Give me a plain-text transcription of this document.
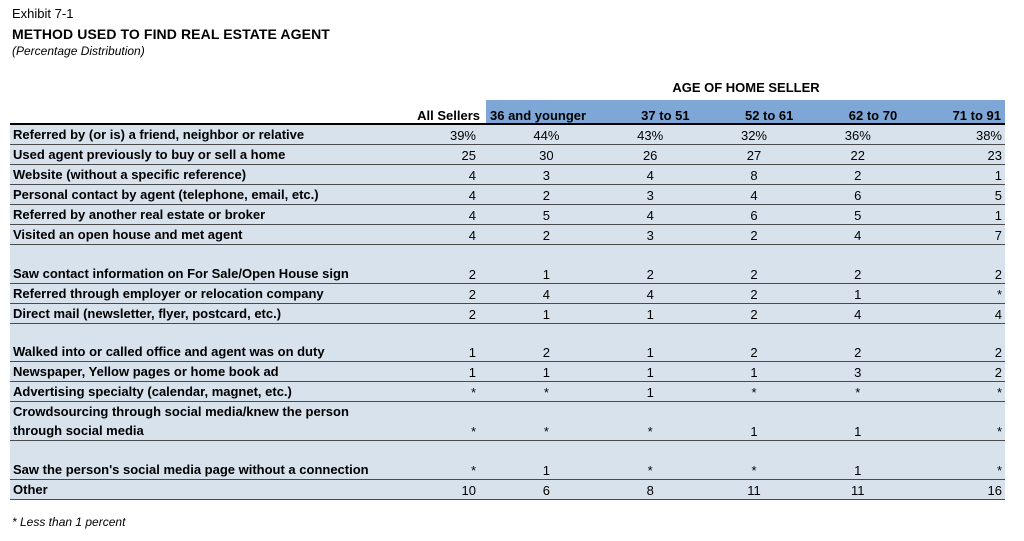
Exhibit 7-1
METHOD USED TO FIND REAL ESTATE AGENT
(Percentage Distribution)
AGE OF HOME SELLER
	All Sellers	36 and younger	37 to 51	52 to 61	62 to 70	71 to 91
Referred by (or is) a friend, neighbor or relative	39%	44%	43%	32%	36%	38%
Used agent previously to buy or sell a home	25	30	26	27	22	23
Website (without a specific reference)	4	3	4	8	2	1
Personal contact by agent (telephone, email, etc.)	4	2	3	4	6	5
Referred by another real estate or broker	4	5	4	6	5	1
Visited an open house and met agent	4	2	3	2	4	7
Saw contact information on For Sale/Open House sign	2	1	2	2	2	2
Referred through employer or relocation company	2	4	4	2	1	*
Direct mail (newsletter, flyer, postcard, etc.)	2	1	1	2	4	4
Walked into or called office and agent was on duty	1	2	1	2	2	2
Newspaper, Yellow pages or home book ad	1	1	1	1	3	2
Advertising specialty (calendar, magnet, etc.)	*	*	1	*	*	*
Crowdsourcing through social media/knew the person through social media	*	*	*	1	1	*
Saw the person's social media page without a connection	*	1	*	*	1	*
Other	10	6	8	11	11	16
* Less than 1 percent
